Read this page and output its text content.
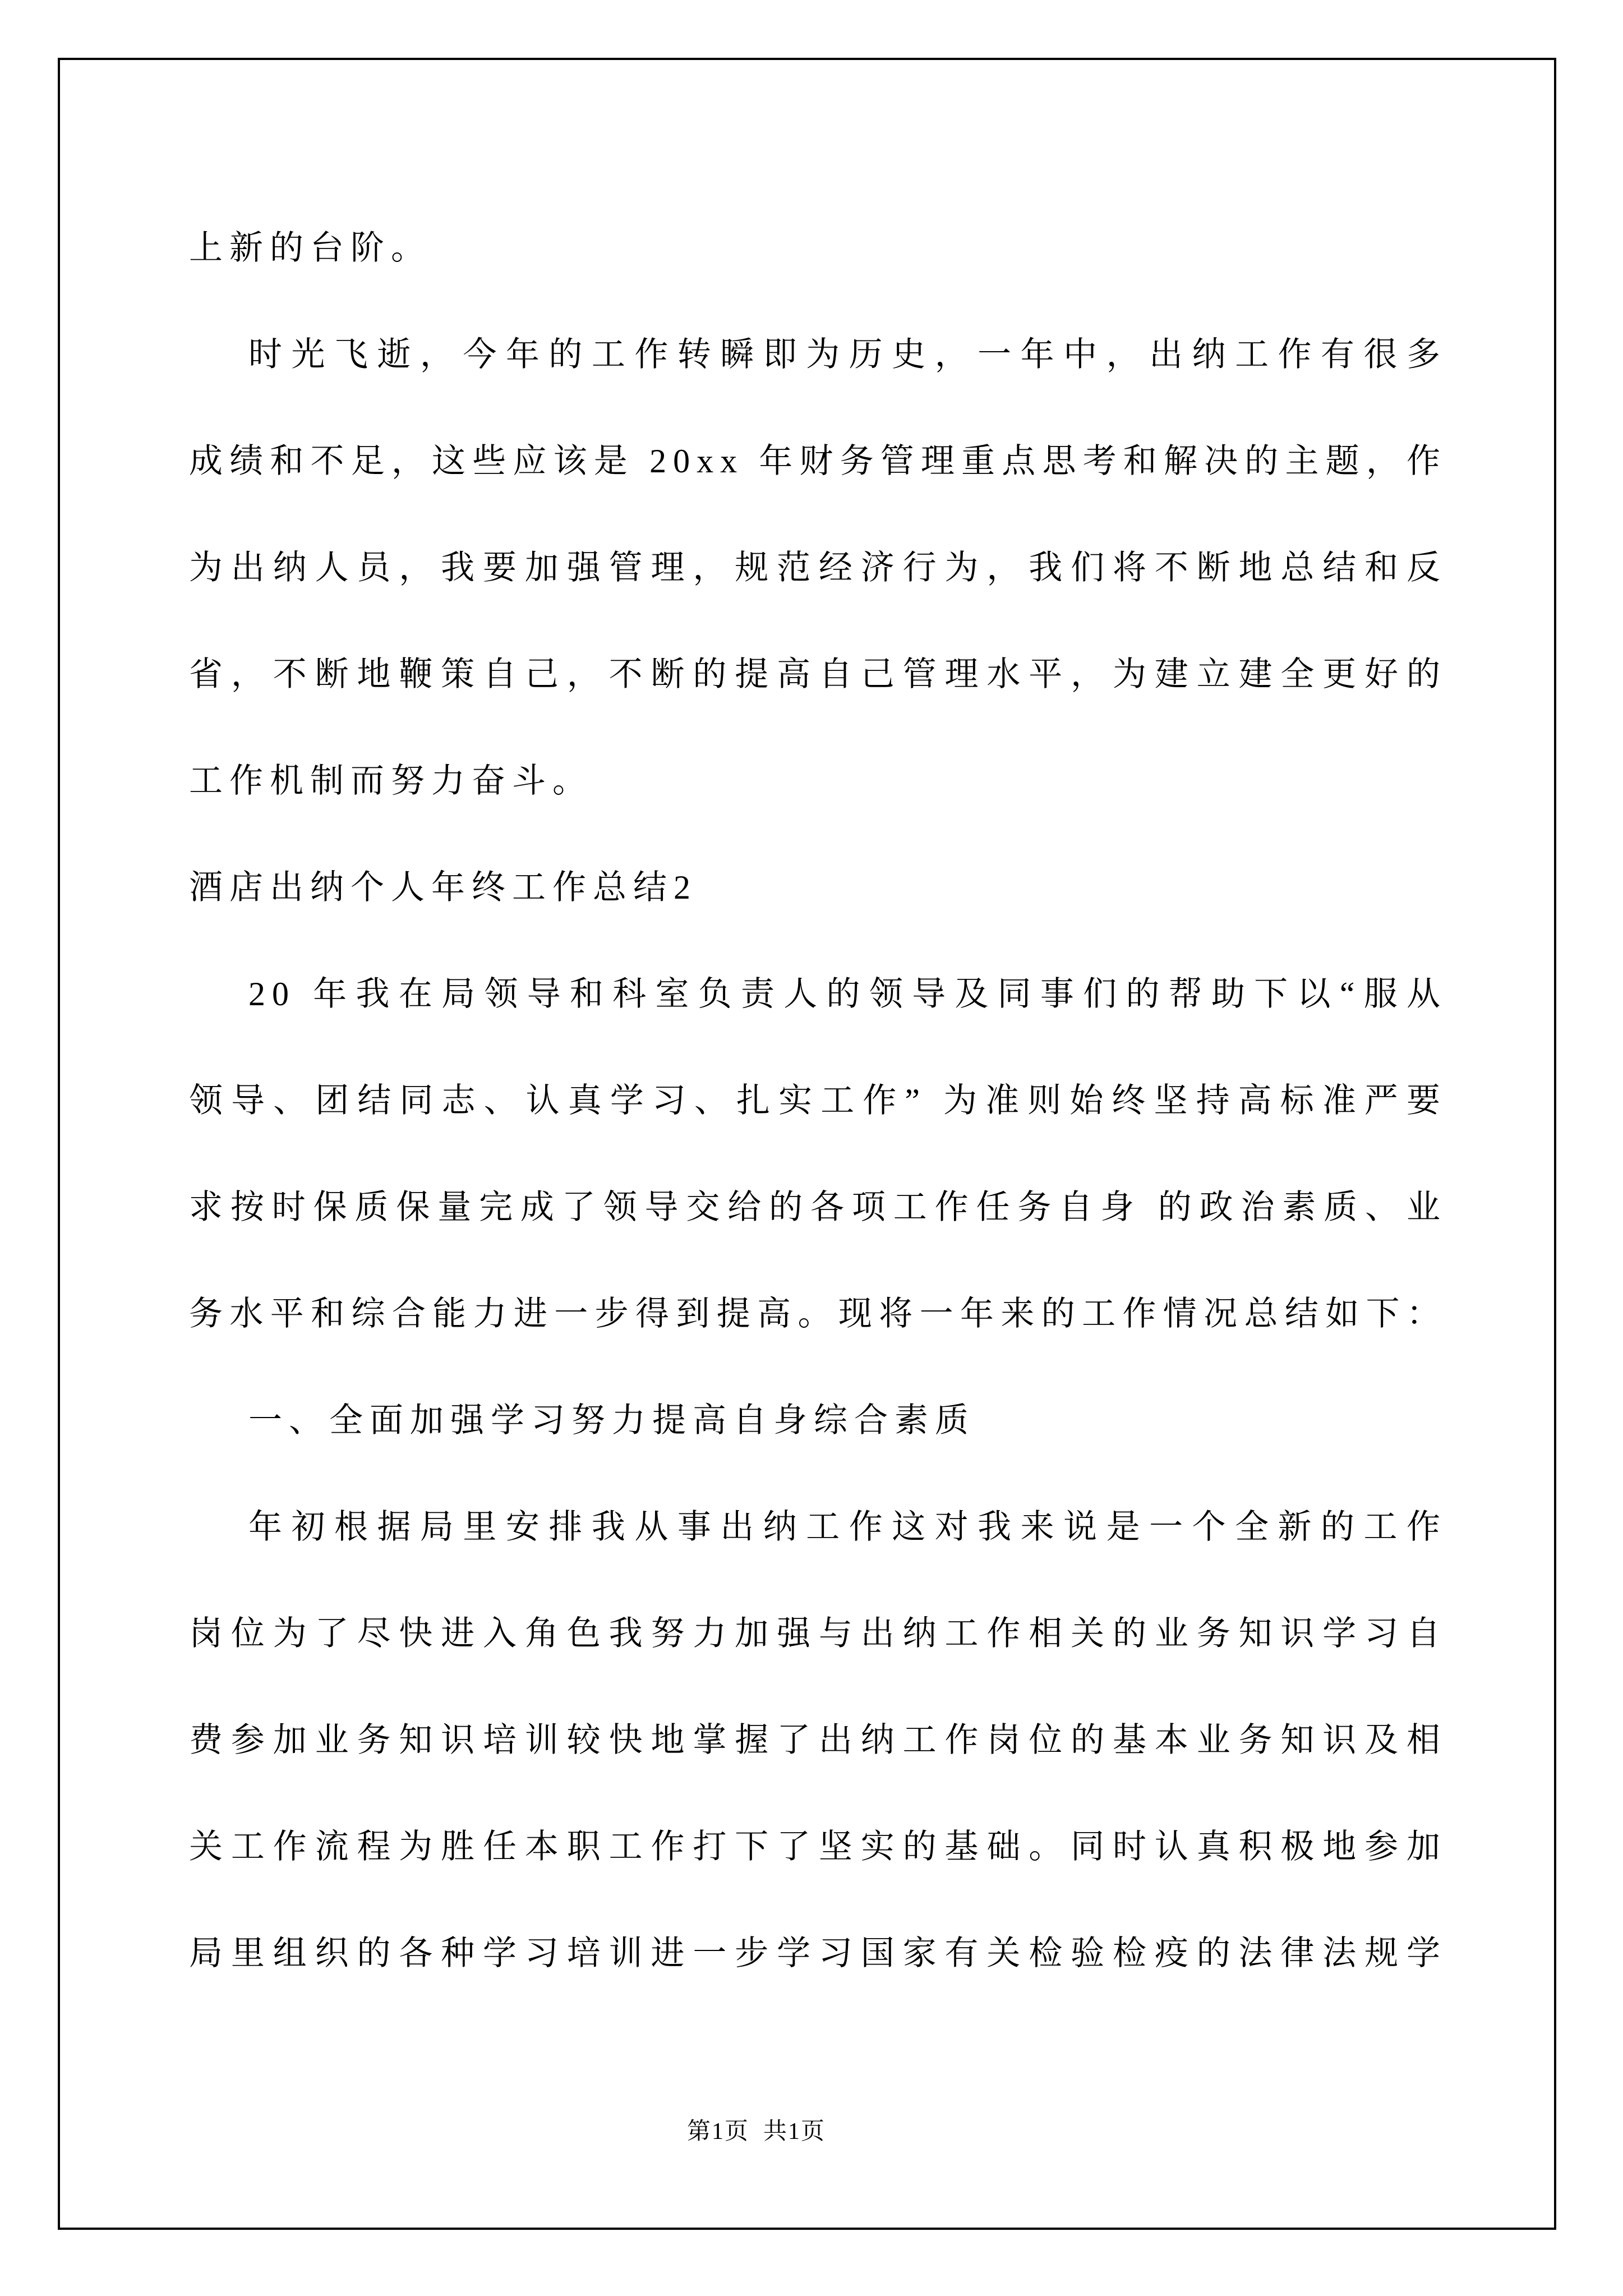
上新的台阶。
时光飞逝，今年的工作转瞬即为历史，一年中，出纳工作有很多
成绩和不足，这些应该是 20xx 年财务管理重点思考和解决的主题，作
为出纳人员，我要加强管理，规范经济行为，我们将不断地总结和反
省，不断地鞭策自己，不断的提高自己管理水平，为建立建全更好的
工作机制而努力奋斗。
酒店出纳个人年终工作总结2
20 年我在局领导和科室负责人的领导及同事们的帮助下以“服从
领导、团结同志、认真学习、扎实工作” 为准则始终坚持高标准严要
求按时保质保量完成了领导交给的各项工作任务自身 的政治素质、业
务水平和综合能力进一步得到提高。现将一年来的工作情况总结如下：
一、全面加强学习努力提高自身综合素质
年初根据局里安排我从事出纳工作这对我来说是一个全新的工作
岗位为了尽快进入角色我努力加强与出纳工作相关的业务知识学习自
费参加业务知识培训较快地掌握了出纳工作岗位的基本业务知识及相
关工作流程为胜任本职工作打下了坚实的基础。同时认真积极地参加
局里组织的各种学习培训进一步学习国家有关检验检疫的法律法规学
第1页  共1页
